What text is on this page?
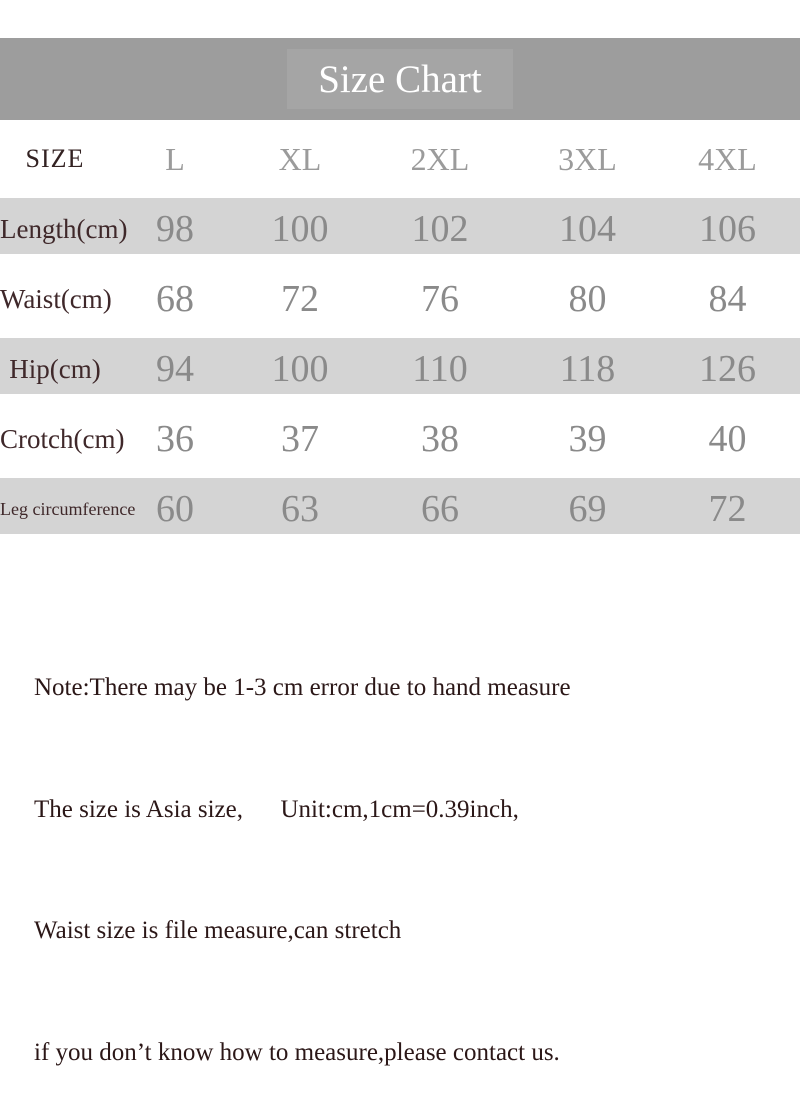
Size Chart
SIZE	L	XL	2XL	3XL	4XL
Length(cm) 98	100	102	104	106
Waist(cm)	68	72	76	80	84
Hip(cm)	94	100	110	118	126
Crotch(cm) 36	37	38	39	40
Leg circumference 60	63	66	69	72

Note:There may be 1-3 cm error due to hand measure

The size is Asia size,      Unit:cm,1cm=0.39inch,

Waist size is file measure,can stretch

if you don’t know how to measure,please contact us.
